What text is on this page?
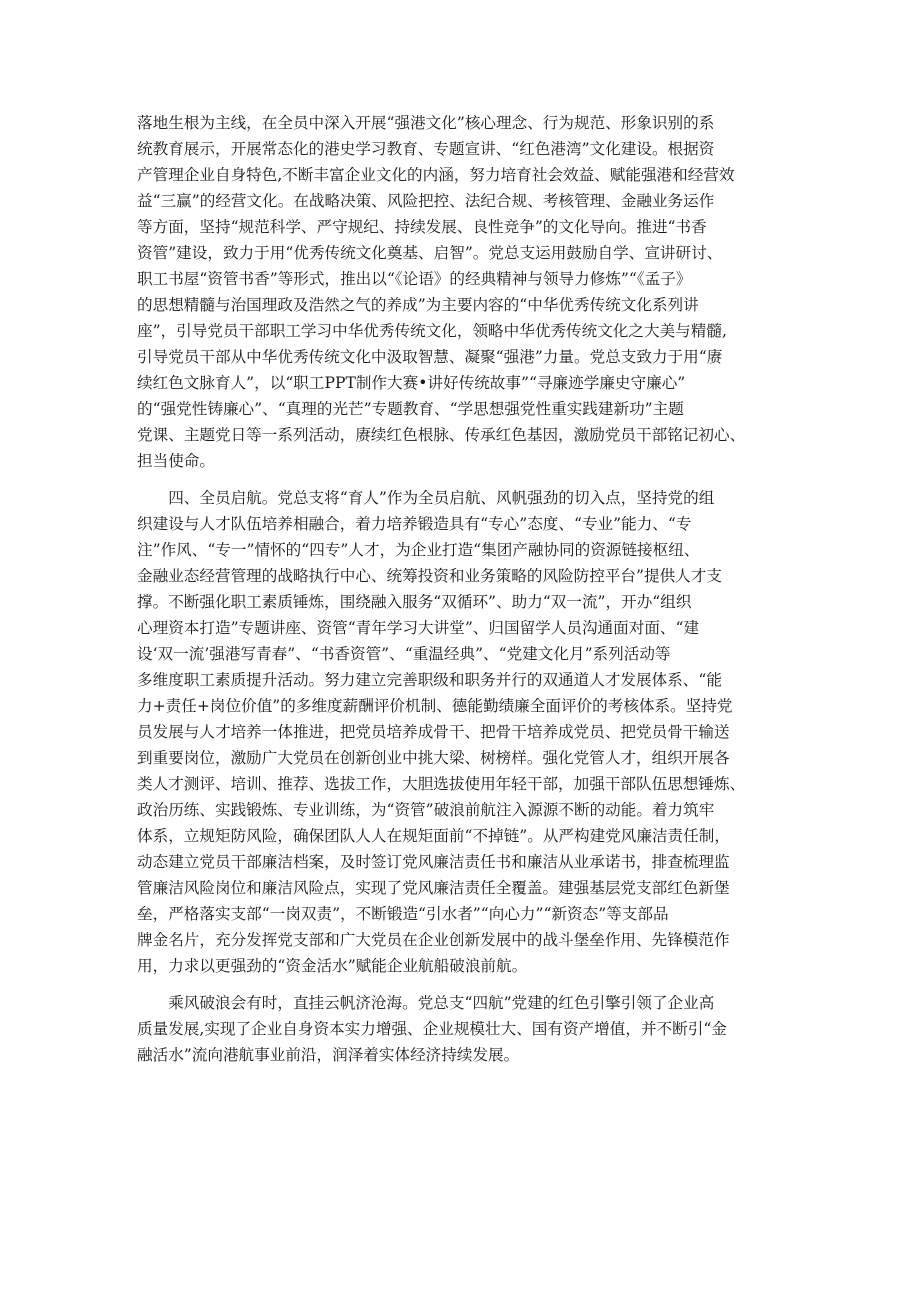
落地生根为主线，在全员中深入开展“强港文化”核心理念、行为规范、形象识别的系
统教育展示，开展常态化的港史学习教育、专题宣讲、“红色港湾”文化建设。根据资
产管理企业自身特色,不断丰富企业文化的内涵，努力培育社会效益、赋能强港和经营效
益“三赢”的经营文化。在战略决策、风险把控、法纪合规、考核管理、金融业务运作
等方面，坚持“规范科学、严守规纪、持续发展、良性竞争”的文化导向。推进“书香
资管”建设，致力于用“优秀传统文化奠基、启智”。党总支运用鼓励自学、宣讲研讨、
职工书屋“资管书香”等形式，推出以“《论语》的经典精神与领导力修炼”“《孟子》
的思想精髓与治国理政及浩然之气的养成”为主要内容的“中华优秀传统文化系列讲
座”，引导党员干部职工学习中华优秀传统文化，领略中华优秀传统文化之大美与精髓,
引导党员干部从中华优秀传统文化中汲取智慧、凝聚“强港”力量。党总支致力于用“赓
续红色文脉育人”，以“职工PPT制作大赛•讲好传统故事”“寻廉迹学廉史守廉心”
的“强党性铸廉心”、“真理的光芒”专题教育、“学思想强党性重实践建新功”主题
党课、主题党日等一系列活动，赓续红色根脉、传承红色基因，激励党员干部铭记初心、
担当使命。
　　四、全员启航。党总支将“育人”作为全员启航、风帆强劲的切入点，坚持党的组
织建设与人才队伍培养相融合，着力培养锻造具有“专心”态度、“专业”能力、“专
注”作风、“专一”情怀的“四专”人才，为企业打造“集团产融协同的资源链接枢纽、
金融业态经营管理的战略执行中心、统筹投资和业务策略的风险防控平台”提供人才支
撑。不断强化职工素质锤炼，围绕融入服务“双循环”、助力“双一流”，开办“组织
心理资本打造”专题讲座、资管“青年学习大讲堂”、归国留学人员沟通面对面、“建
设‘双一流’强港写青春”、“书香资管”、“重温经典”、“党建文化月”系列活动等
多维度职工素质提升活动。努力建立完善职级和职务并行的双通道人才发展体系、“能
力+责任+岗位价值”的多维度薪酬评价机制、德能勤绩廉全面评价的考核体系。坚持党
员发展与人才培养一体推进，把党员培养成骨干、把骨干培养成党员、把党员骨干输送
到重要岗位，激励广大党员在创新创业中挑大梁、树榜样。强化党管人才，组织开展各
类人才测评、培训、推荐、选拔工作，大胆选拔使用年轻干部，加强干部队伍思想锤炼、
政治历练、实践锻炼、专业训练，为“资管”破浪前航注入源源不断的动能。着力筑牢
体系，立规矩防风险，确保团队人人在规矩面前“不掉链”。从严构建党风廉洁责任制，
动态建立党员干部廉洁档案，及时签订党风廉洁责任书和廉洁从业承诺书，排查梳理监
管廉洁风险岗位和廉洁风险点，实现了党风廉洁责任全覆盖。建强基层党支部红色新堡
垒，严格落实支部“一岗双责”，不断锻造“引水者”“向心力”“新资态”等支部品
牌金名片，充分发挥党支部和广大党员在企业创新发展中的战斗堡垒作用、先锋模范作
用，力求以更强劲的“资金活水”赋能企业航船破浪前航。
　　乘风破浪会有时，直挂云帆济沧海。党总支“四航”党建的红色引擎引领了企业高
质量发展,实现了企业自身资本实力增强、企业规模壮大、国有资产增值，并不断引“金
融活水”流向港航事业前沿，润泽着实体经济持续发展。
